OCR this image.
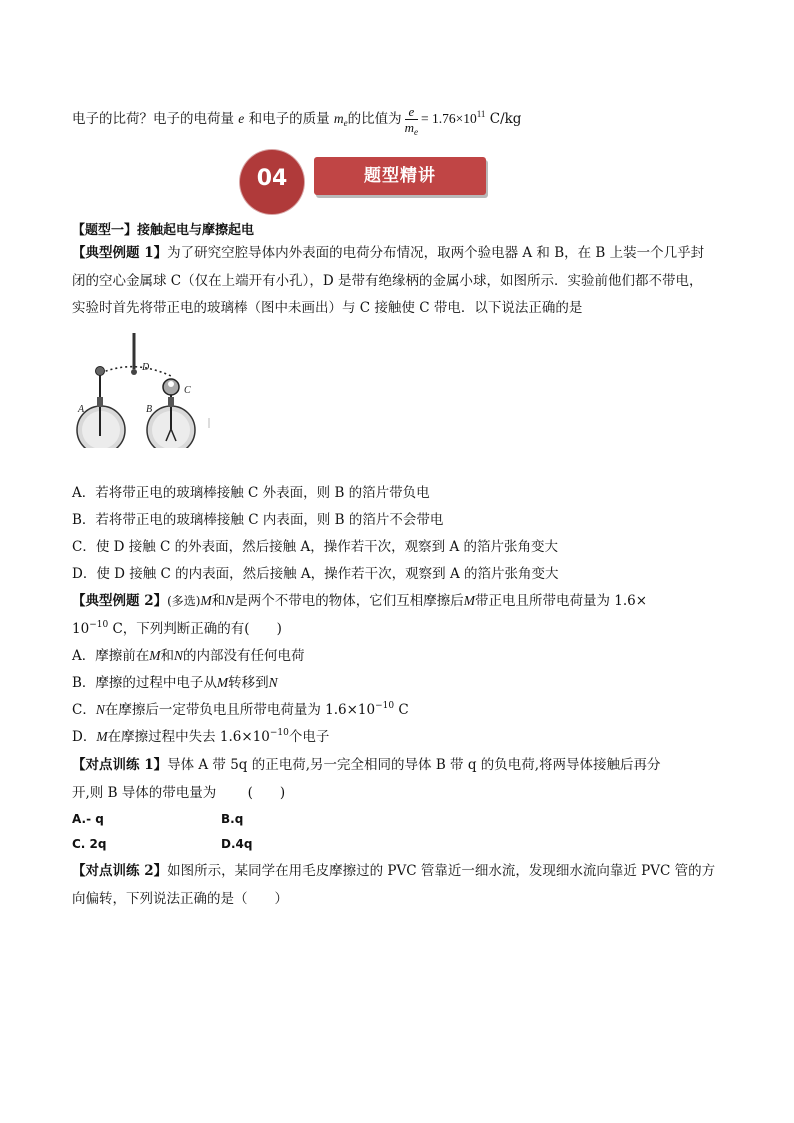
电子的比荷？电子的电荷量 e 和电子的质量 $m_e$的比值为 $\frac{e}{m_e} = 1.76\times 10^{11}$ C/kg
04	题型精讲
【题型一】接触起电与摩擦起电
【典型例题 1】为了研究空腔导体内外表面的电荷分布情况，取两个验电器 A 和 B，在 B 上装一个几乎封
闭的空心金属球 C（仅在上端开有小孔），D 是带有绝缘柄的金属小球，如图所示．实验前他们都不带电，
实验时首先将带正电的玻璃棒（图中未画出）与 C 接触使 C 带电．以下说法正确的是
D
C
A	B
A．若将带正电的玻璃棒接触 C 外表面，则 B 的箔片带负电
B．若将带正电的玻璃棒接触 C 内表面，则 B 的箔片不会带电
C．使 D 接触 C 的外表面，然后接触 A，操作若干次，观察到 A 的箔片张角变大
D．使 D 接触 C 的内表面，然后接触 A，操作若干次，观察到 A 的箔片张角变大
【典型例题 2】(多选)M和N是两个不带电的物体，它们互相摩擦后M带正电且所带电荷量为 1.6×
$10^{-10}$ C，下列判断正确的有(　　)
A．摩擦前在M和N的内部没有任何电荷
B．摩擦的过程中电子从M转移到N
C．N在摩擦后一定带负电且所带电荷量为 $1.6\times 10^{-10}$ C
D．M在摩擦过程中失去 $1.6\times 10^{-10}$个电子
【对点训练 1】导体 A 带 5q 的正电荷,另一完全相同的导体 B 带 q 的负电荷,将两导体接触后再分
开,则 B 导体的带电量为　　 (　　)
A.- q	B.q
C. 2q	D.4q
【对点训练 2】如图所示，某同学在用毛皮摩擦过的 PVC 管靠近一细水流，发现细水流向靠近 PVC 管的方
向偏转，下列说法正确的是（　　）
